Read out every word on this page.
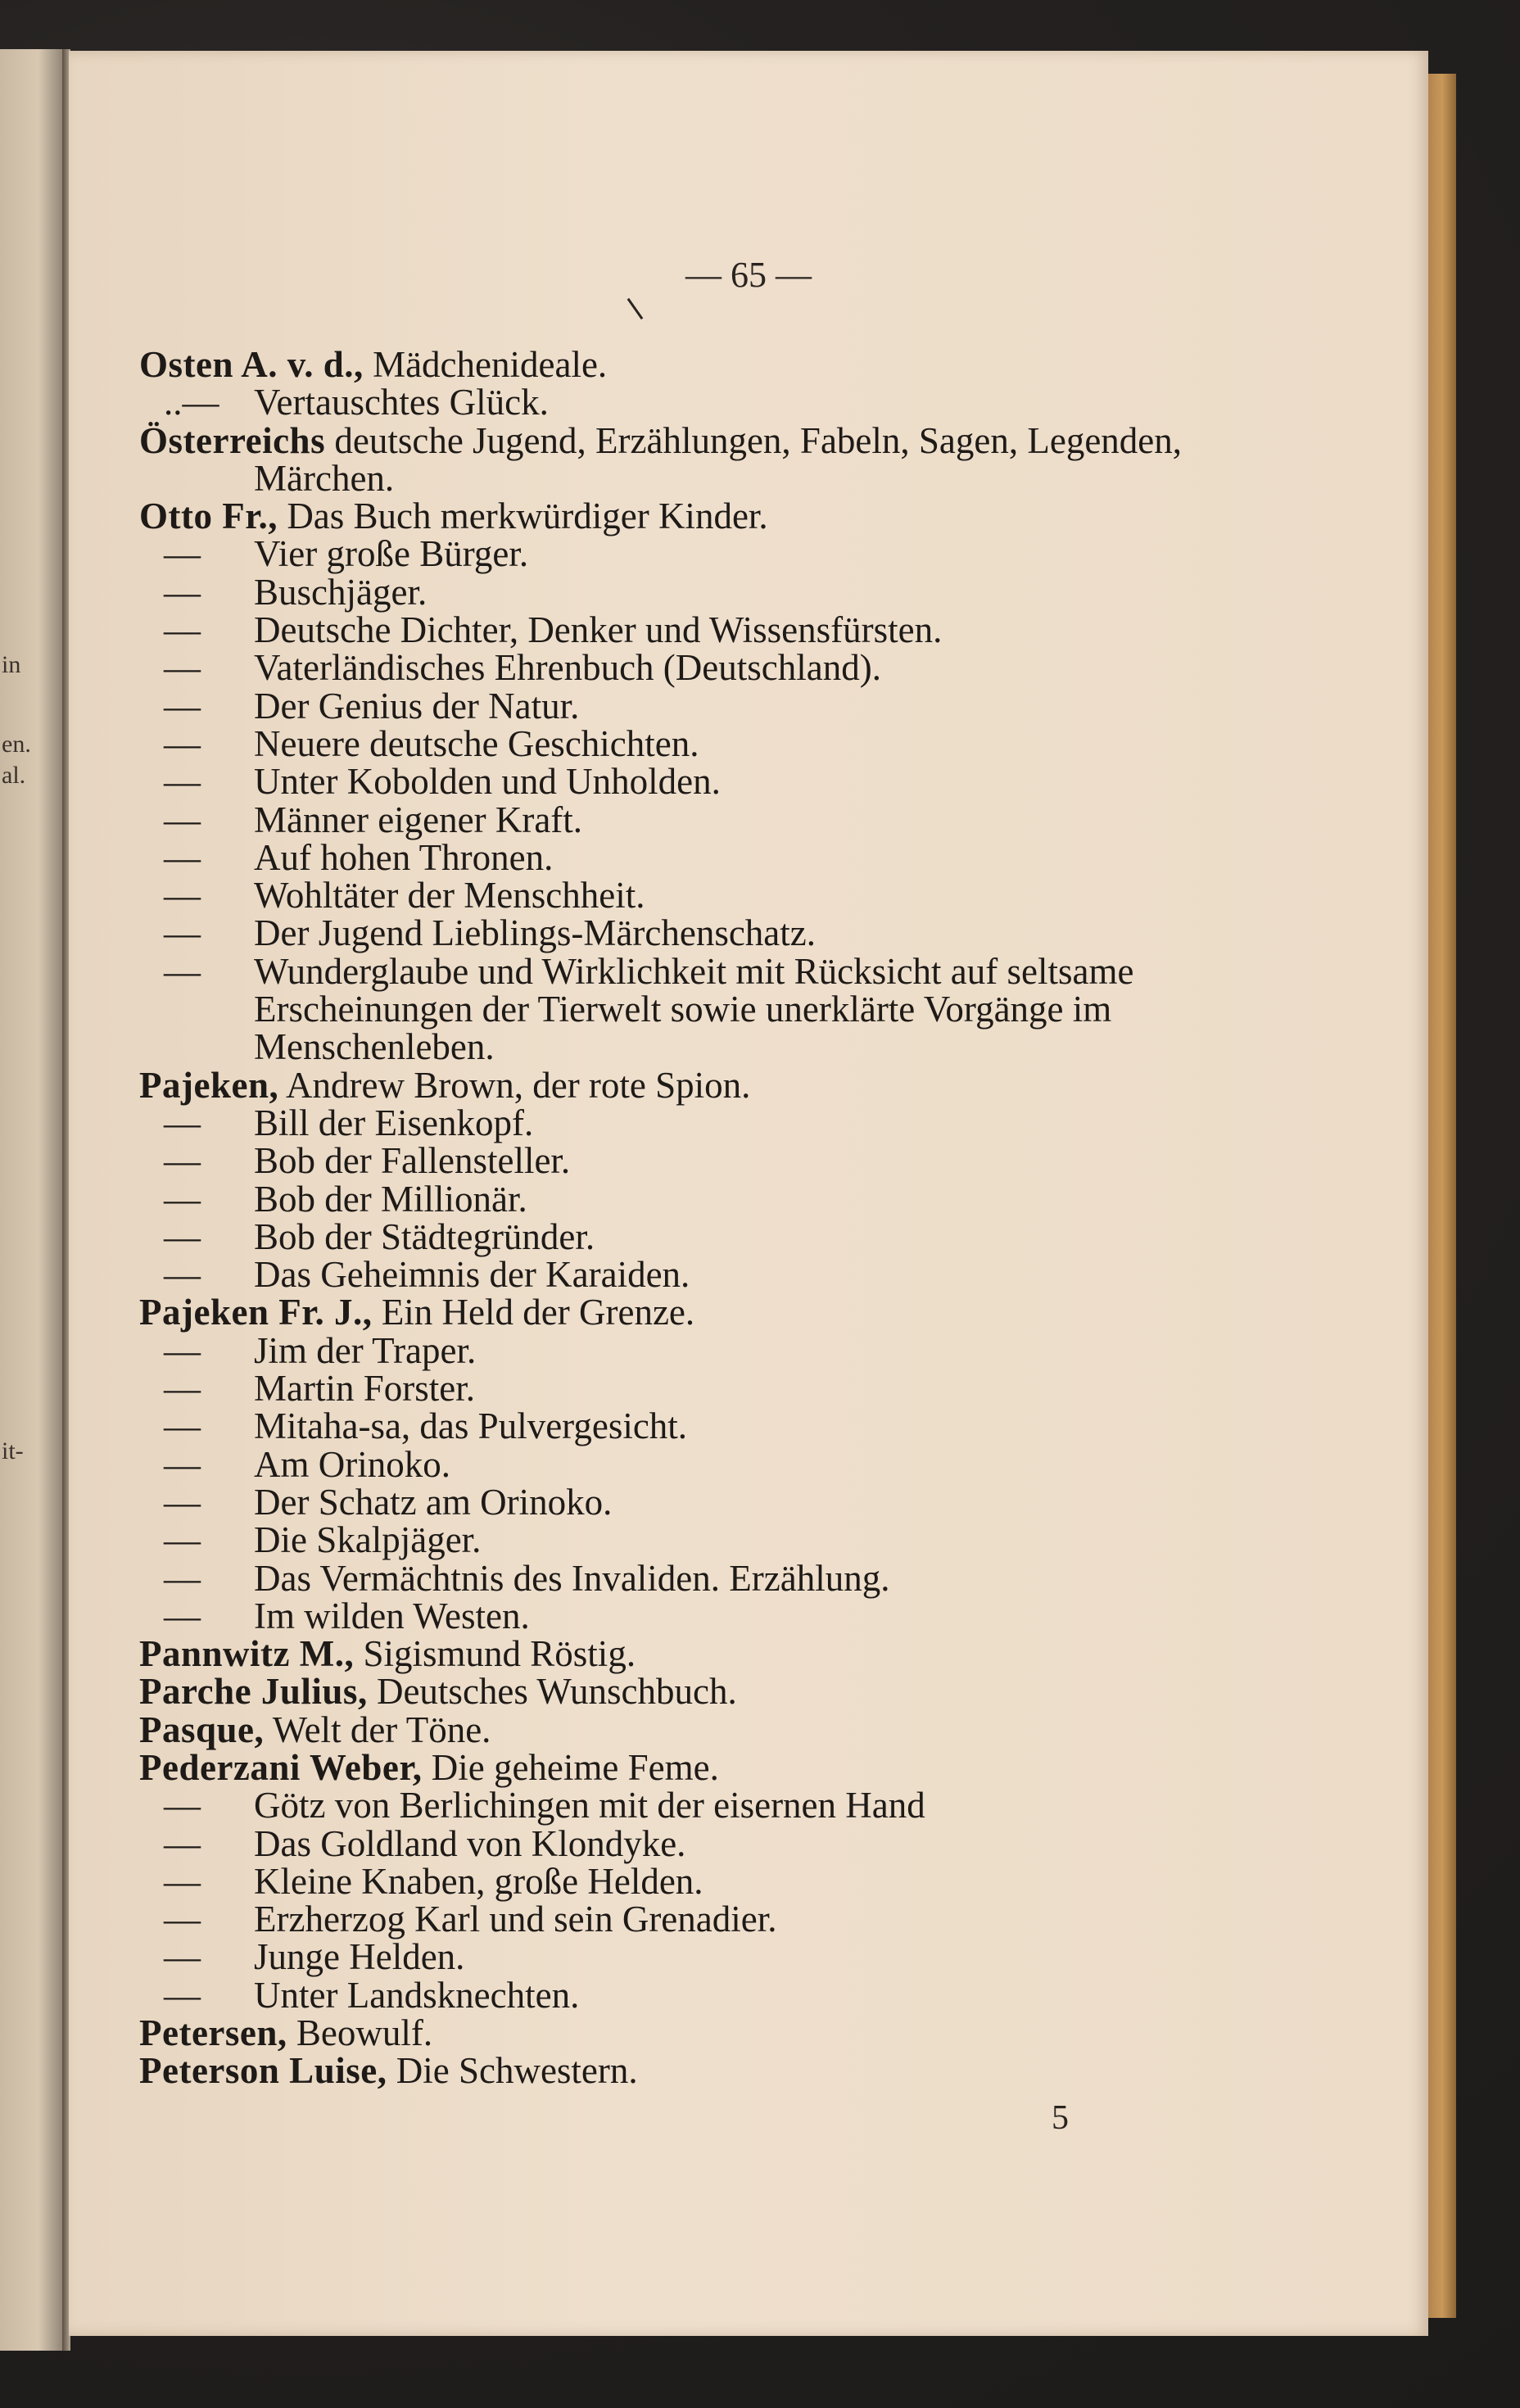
in
en.
al.
it-
— 65 —

Osten A. v. d., Mädchenideale.

..— Vertauschtes Glück.

Österreichs deutsche Jugend, Erzählungen, Fabeln, Sagen, Legenden, Märchen.

Otto Fr., Das Buch merkwürdiger Kinder.

— Vier große Bürger.

— Buschjäger.

— Deutsche Dichter, Denker und Wissensfürsten.

— Vaterländisches Ehrenbuch (Deutschland).

— Der Genius der Natur.

— Neuere deutsche Geschichten.

— Unter Kobolden und Unholden.

— Männer eigener Kraft.

— Auf hohen Thronen.

— Wohltäter der Menschheit.

— Der Jugend Lieblings-Märchenschatz.

— Wunderglaube und Wirklichkeit mit Rücksicht auf seltsame Erscheinungen der Tierwelt sowie unerklärte Vorgänge im Menschenleben.

Pajeken, Andrew Brown, der rote Spion.

— Bill der Eisenkopf.

— Bob der Fallensteller.

— Bob der Millionär.

— Bob der Städtegründer.

— Das Geheimnis der Karaiden.

Pajeken Fr. J., Ein Held der Grenze.

— Jim der Traper.

— Martin Forster.

— Mitaha-sa, das Pulvergesicht.

— Am Orinoko.

— Der Schatz am Orinoko.

— Die Skalpjäger.

— Das Vermächtnis des Invaliden. Erzählung.

— Im wilden Westen.

Pannwitz M., Sigismund Röstig.

Parche Julius, Deutsches Wunschbuch.

Pasque, Welt der Töne.

Pederzani Weber, Die geheime Feme.

— Götz von Berlichingen mit der eisernen Hand

— Das Goldland von Klondyke.

— Kleine Knaben, große Helden.

— Erzherzog Karl und sein Grenadier.

— Junge Helden.

— Unter Landsknechten.

Petersen, Beowulf.

Peterson Luise, Die Schwestern.

5
